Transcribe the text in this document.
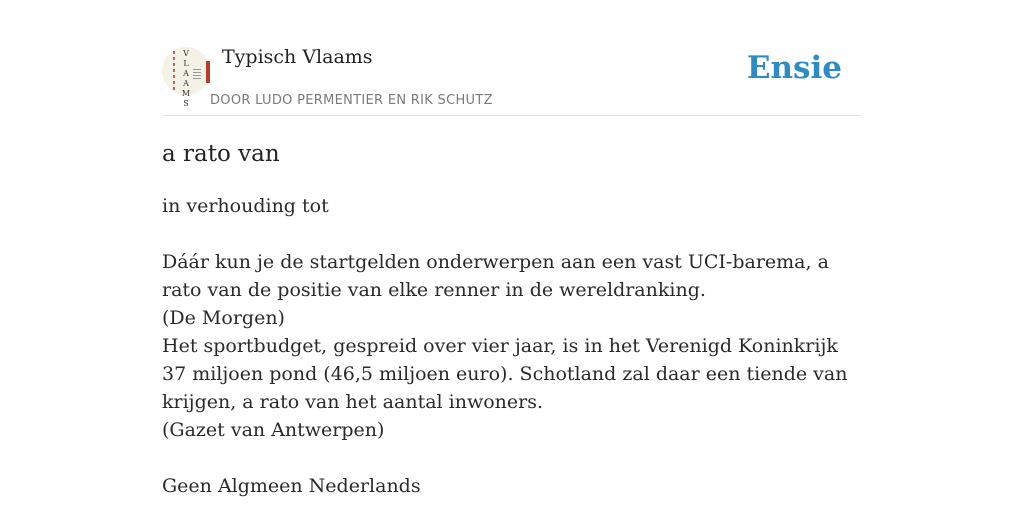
V
L
A
A
M
S
Typisch Vlaams
DOOR LUDO PERMENTIER EN RIK SCHUTZ
Ensie
a rato van

in verhouding tot

Dáár kun je de startgelden onderwerpen aan een vast UCI-barema, a rato van de positie van elke renner in de wereldranking.

(De Morgen)

Het sportbudget, gespreid over vier jaar, is in het Verenigd Koninkrijk 37 miljoen pond (46,5 miljoen euro). Schotland zal daar een tiende van krijgen, a rato van het aantal inwoners.

(Gazet van Antwerpen)

Geen Algmeen Nederlands
